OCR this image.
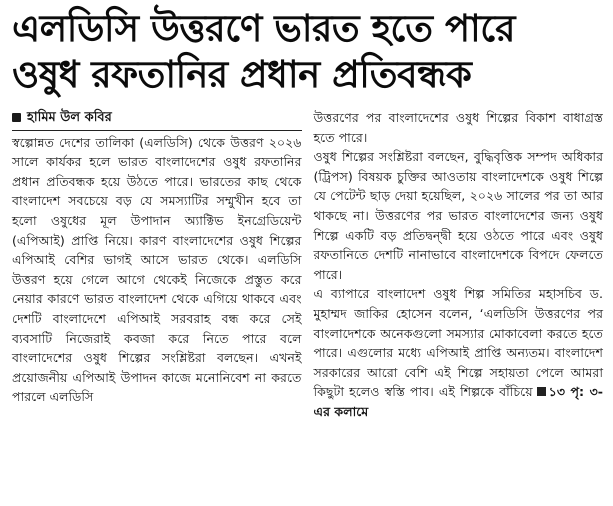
এলডিসি উত্তরণে ভারত হতে পারে
ওষুধ রফতানির প্রধান প্রতিবন্ধক
হামিম উল কবির

স্বল্পোন্নত দেশের তালিকা (এলডিসি) থেকে উত্তরণ ২০২৬ সালে কার্যকর হলে ভারত বাংলাদেশের ওষুধ রফতানির প্রধান প্রতিবন্ধক হয়ে উঠতে পারে। ভারতের কাছ থেকে বাংলাদেশ সবচেয়ে বড় যে সমস্যাটির সম্মুখীন হবে তা হলো ওষুধের মূল উপাদান অ্যাক্টিভ ইনগ্রেডিয়েন্ট (এপিআই) প্রাপ্তি নিয়ে। কারণ বাংলাদেশের ওষুধ শিল্পের এপিআই বেশির ভাগই আসে ভারত থেকে। এলডিসি উত্তরণ হয়ে গেলে আগে থেকেই নিজেকে প্রস্তুত করে নেয়ার কারণে ভারত বাংলাদেশ থেকে এগিয়ে থাকবে এবং দেশটি বাংলাদেশে এপিআই সরবরাহ বন্ধ করে সেই ব্যবসাটি নিজেরাই কবজা করে নিতে পারে বলে বাংলাদেশের ওষুধ শিল্পের সংশ্লিষ্টরা বলছেন। এখনই প্রয়োজনীয় এপিআই উপাদন কাজে মনোনিবেশ না করতে পারলে এলডিসি

উত্তরণের পর বাংলাদেশের ওষুধ শিল্পের বিকাশ বাধাগ্রস্ত হতে পারে।

ওষুধ শিল্পের সংশ্লিষ্টরা বলছেন, বুদ্ধিবৃত্তিক সম্পদ অধিকার (ট্রিপস) বিষয়ক চুক্তির আওতায় বাংলাদেশকে ওষুধ শিল্পে যে পেটেন্ট ছাড় দেয়া হয়েছিল, ২০২৬ সালের পর তা আর থাকছে না। উত্তরণের পর ভারত বাংলাদেশের জন্য ওষুধ শিল্পে একটি বড় প্রতিদ্বন্দ্বী হয়ে ওঠতে পারে এবং ওষুধ রফতানিতে দেশটি নানাভাবে বাংলাদেশকে বিপদে ফেলতে পারে।

এ ব্যাপারে বাংলাদেশ ওষুধ শিল্প সমিতির মহাসচিব ড. মুহাম্মদ জাকির হোসেন বলেন, ‘এলডিসি উত্তরণের পর বাংলাদেশকে অনেকগুলো সমস্যার মোকাবেলা করতে হতে পারে। এগুলোর মধ্যে এপিআই প্রাপ্তি অন্যতম। বাংলাদেশ সরকারের আরো বেশি এই শিল্পে সহায়তা পেলে আমরা কিছুটা হলেও স্বস্তি পাব। এই শিল্পকে বাঁচিয়ে ১৩ পৃ: ৩-এর কলামে
